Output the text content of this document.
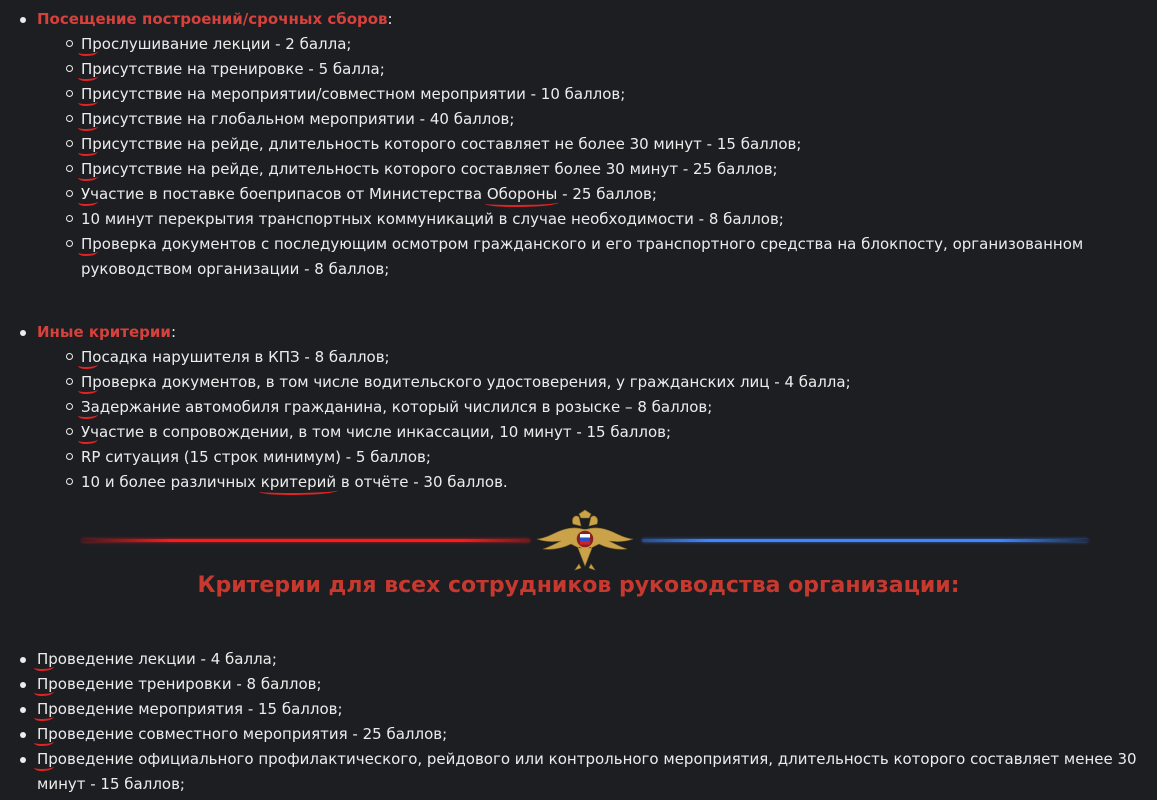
Посещение построений/срочных сборов:
Прослушивание лекции - 2 балла;
Присутствие на тренировке - 5 балла;
Присутствие на мероприятии/совместном мероприятии - 10 баллов;
Присутствие на глобальном мероприятии - 40 баллов;
Присутствие на рейде, длительность которого составляет не более 30 минут - 15 баллов;
Присутствие на рейде, длительность которого составляет более 30 минут - 25 баллов;
Участие в поставке боеприпасов от Министерства Обороны - 25 баллов;
10 минут перекрытия транспортных коммуникаций в случае необходимости - 8 баллов;
Проверка документов с последующим осмотром гражданского и его транспортного средства на блокпосту, организованном руководством организации - 8 баллов;
Иные критерии:
Посадка нарушителя в КПЗ - 8 баллов;
Проверка документов, в том числе водительского удостоверения, у гражданских лиц - 4 балла;
Задержание автомобиля гражданина, который числился в розыске – 8 баллов;
Участие в сопровождении, в том числе инкассации, 10 минут - 15 баллов;
RP ситуация (15 строк минимум) - 5 баллов;
10 и более различных критерий в отчёте - 30 баллов.
Критерии для всех сотрудников руководства организации:
Проведение лекции - 4 балла;
Проведение тренировки - 8 баллов;
Проведение мероприятия - 15 баллов;
Проведение совместного мероприятия - 25 баллов;
Проведение официального профилактического, рейдового или контрольного мероприятия, длительность которого составляет менее 30 минут - 15 баллов;
